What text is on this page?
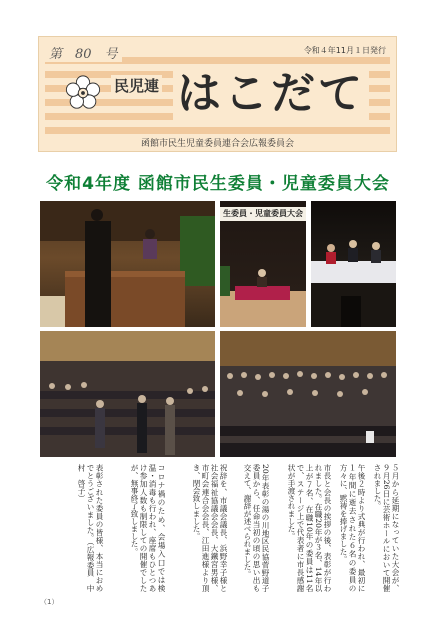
第　80　号	令和４年11月１日発行
民児連 はこだて
函館市民生児童委員連合会広報委員会
令和4年度 函館市民生委員・児童委員大会
生委員・児童委員大会
５月から延期になっていた大会が、９月26日に芸術ホールにおいて開催されました。
午後２時より式典が行われ、最初に１年間に逝去された６名の委員の方々に、黙祷を捧げました。
市長と会長の挨拶の後、表彰が行われました。在職20年が３名、14年以上が７名、在職10年の委員は11名で、ステージ上で代表者に市長感謝状が手渡されました。
20年表彰の湯の川地区民協菅野道子委員から、任命当初の頃の思い出も交えて、謝辞が述べられました。
祝辞を、市議会議長、浜野幸子様と社会福祉協議会会長、大鐵宮男様、市町会連合会会長、江田進様より頂き、閉会致しました。
コロナ禍のため、会場入口では検温・消毒も行われ、座席もひとつあけ参加人数も制限しての開催でしたが、無事終了致しました。
表彰された委員の皆様、本当におめでとうございました。（広報委員　中村　啓子）
（1）
